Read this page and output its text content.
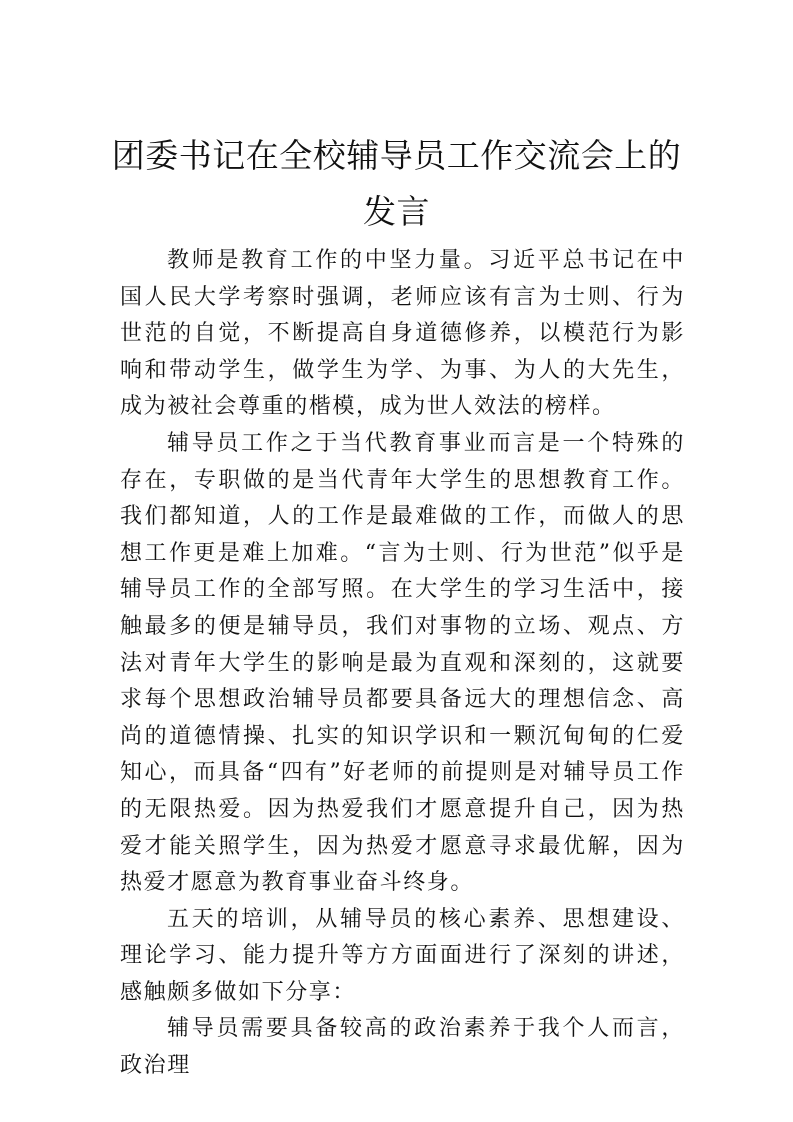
团委书记在全校辅导员工作交流会上的发言

教师是教育工作的中坚力量。习近平总书记在中国人民大学考察时强调，老师应该有言为士则、行为世范的自觉，不断提高自身道德修养，以模范行为影响和带动学生，做学生为学、为事、为人的大先生，成为被社会尊重的楷模，成为世人效法的榜样。

辅导员工作之于当代教育事业而言是一个特殊的存在，专职做的是当代青年大学生的思想教育工作。我们都知道，人的工作是最难做的工作，而做人的思想工作更是难上加难。“言为士则、行为世范”似乎是辅导员工作的全部写照。在大学生的学习生活中，接触最多的便是辅导员，我们对事物的立场、观点、方法对青年大学生的影响是最为直观和深刻的，这就要求每个思想政治辅导员都要具备远大的理想信念、高尚的道德情操、扎实的知识学识和一颗沉甸甸的仁爱知心，而具备“四有”好老师的前提则是对辅导员工作的无限热爱。因为热爱我们才愿意提升自己，因为热爱才能关照学生，因为热爱才愿意寻求最优解，因为热爱才愿意为教育事业奋斗终身。

五天的培训，从辅导员的核心素养、思想建设、理论学习、能力提升等方方面面进行了深刻的讲述，感触颇多做如下分享：

辅导员需要具备较高的政治素养于我个人而言，政治理
